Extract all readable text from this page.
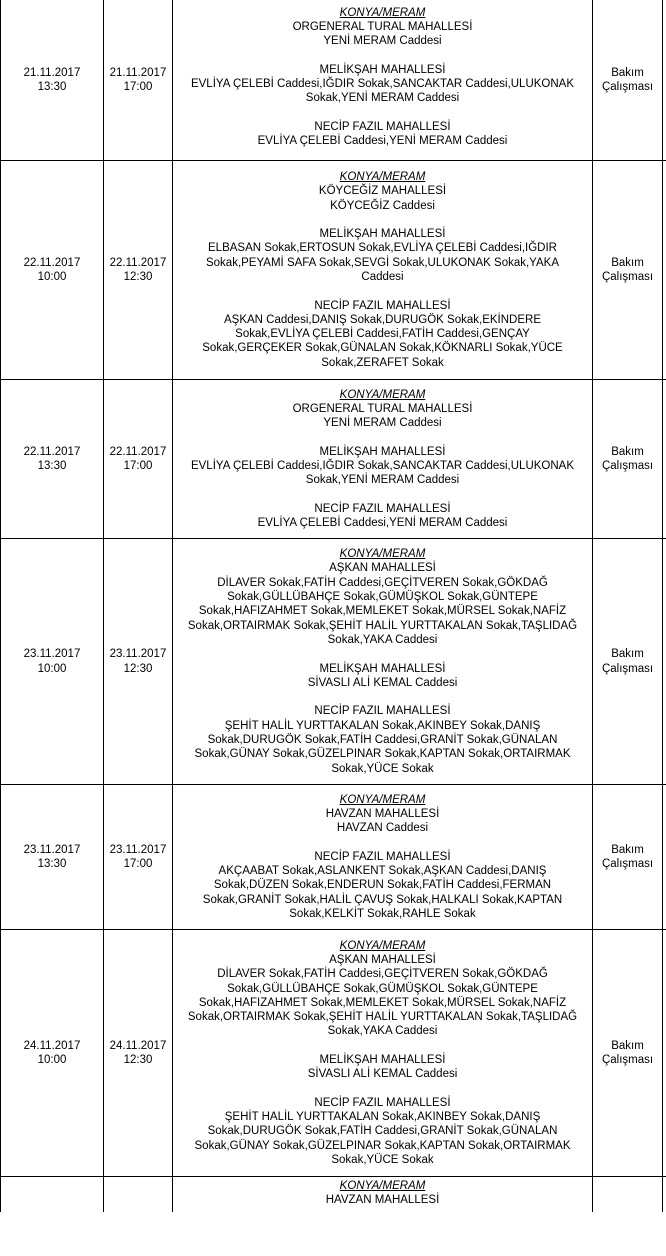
21.11.2017
13:30
21.11.2017
17:00

KONYA/MERAM

ORGENERAL TURAL MAHALLESİ
YENİ MERAM Caddesi

MELİKŞAH MAHALLESİ
EVLİYA ÇELEBİ Caddesi,IĞDIR Sokak,SANCAKTAR Caddesi,ULUKONAK
Sokak,YENİ MERAM Caddesi

NECİP FAZIL MAHALLESİ
EVLİYA ÇELEBİ Caddesi,YENİ MERAM Caddesi

Bakım
Çalışması
22.11.2017
10:00
22.11.2017
12:30

KONYA/MERAM

KÖYCEĞİZ MAHALLESİ
KÖYCEĞİZ Caddesi

MELİKŞAH MAHALLESİ
ELBASAN Sokak,ERTOSUN Sokak,EVLİYA ÇELEBİ Caddesi,IĞDIR
Sokak,PEYAMİ SAFA Sokak,SEVGİ Sokak,ULUKONAK Sokak,YAKA
Caddesi

NECİP FAZIL MAHALLESİ
AŞKAN Caddesi,DANIŞ Sokak,DURUGÖK Sokak,EKİNDERE
Sokak,EVLİYA ÇELEBİ Caddesi,FATİH Caddesi,GENÇAY
Sokak,GERÇEKER Sokak,GÜNALAN Sokak,KÖKNARLI Sokak,YÜCE
Sokak,ZERAFET Sokak

Bakım
Çalışması
22.11.2017
13:30
22.11.2017
17:00

KONYA/MERAM

ORGENERAL TURAL MAHALLESİ
YENİ MERAM Caddesi

MELİKŞAH MAHALLESİ
EVLİYA ÇELEBİ Caddesi,IĞDIR Sokak,SANCAKTAR Caddesi,ULUKONAK
Sokak,YENİ MERAM Caddesi

NECİP FAZIL MAHALLESİ
EVLİYA ÇELEBİ Caddesi,YENİ MERAM Caddesi

Bakım
Çalışması
23.11.2017
10:00
23.11.2017
12:30

KONYA/MERAM

AŞKAN MAHALLESİ
DİLAVER Sokak,FATİH Caddesi,GEÇİTVEREN Sokak,GÖKDAĞ
Sokak,GÜLLÜBAHÇE Sokak,GÜMÜŞKOL Sokak,GÜNTEPE
Sokak,HAFIZAHMET Sokak,MEMLEKET Sokak,MÜRSEL Sokak,NAFİZ
Sokak,ORTAIRMAK Sokak,ŞEHİT HALİL YURTTAKALAN Sokak,TAŞLIDAĞ
Sokak,YAKA Caddesi

MELİKŞAH MAHALLESİ
SİVASLI ALİ KEMAL Caddesi

NECİP FAZIL MAHALLESİ
ŞEHİT HALİL YURTTAKALAN Sokak,AKINBEY Sokak,DANIŞ
Sokak,DURUGÖK Sokak,FATİH Caddesi,GRANİT Sokak,GÜNALAN
Sokak,GÜNAY Sokak,GÜZELPINAR Sokak,KAPTAN Sokak,ORTAIRMAK
Sokak,YÜCE Sokak

Bakım
Çalışması
23.11.2017
13:30
23.11.2017
17:00

KONYA/MERAM

HAVZAN MAHALLESİ
HAVZAN Caddesi

NECİP FAZIL MAHALLESİ
AKÇAABAT Sokak,ASLANKENT Sokak,AŞKAN Caddesi,DANIŞ
Sokak,DÜZEN Sokak,ENDERUN Sokak,FATİH Caddesi,FERMAN
Sokak,GRANİT Sokak,HALİL ÇAVUŞ Sokak,HALKALI Sokak,KAPTAN
Sokak,KELKİT Sokak,RAHLE Sokak

Bakım
Çalışması
24.11.2017
10:00
24.11.2017
12:30

KONYA/MERAM

AŞKAN MAHALLESİ
DİLAVER Sokak,FATİH Caddesi,GEÇİTVEREN Sokak,GÖKDAĞ
Sokak,GÜLLÜBAHÇE Sokak,GÜMÜŞKOL Sokak,GÜNTEPE
Sokak,HAFIZAHMET Sokak,MEMLEKET Sokak,MÜRSEL Sokak,NAFİZ
Sokak,ORTAIRMAK Sokak,ŞEHİT HALİL YURTTAKALAN Sokak,TAŞLIDAĞ
Sokak,YAKA Caddesi

MELİKŞAH MAHALLESİ
SİVASLI ALİ KEMAL Caddesi

NECİP FAZIL MAHALLESİ
ŞEHİT HALİL YURTTAKALAN Sokak,AKINBEY Sokak,DANIŞ
Sokak,DURUGÖK Sokak,FATİH Caddesi,GRANİT Sokak,GÜNALAN
Sokak,GÜNAY Sokak,GÜZELPINAR Sokak,KAPTAN Sokak,ORTAIRMAK
Sokak,YÜCE Sokak

Bakım
Çalışması

KONYA/MERAM

HAVZAN MAHALLESİ
